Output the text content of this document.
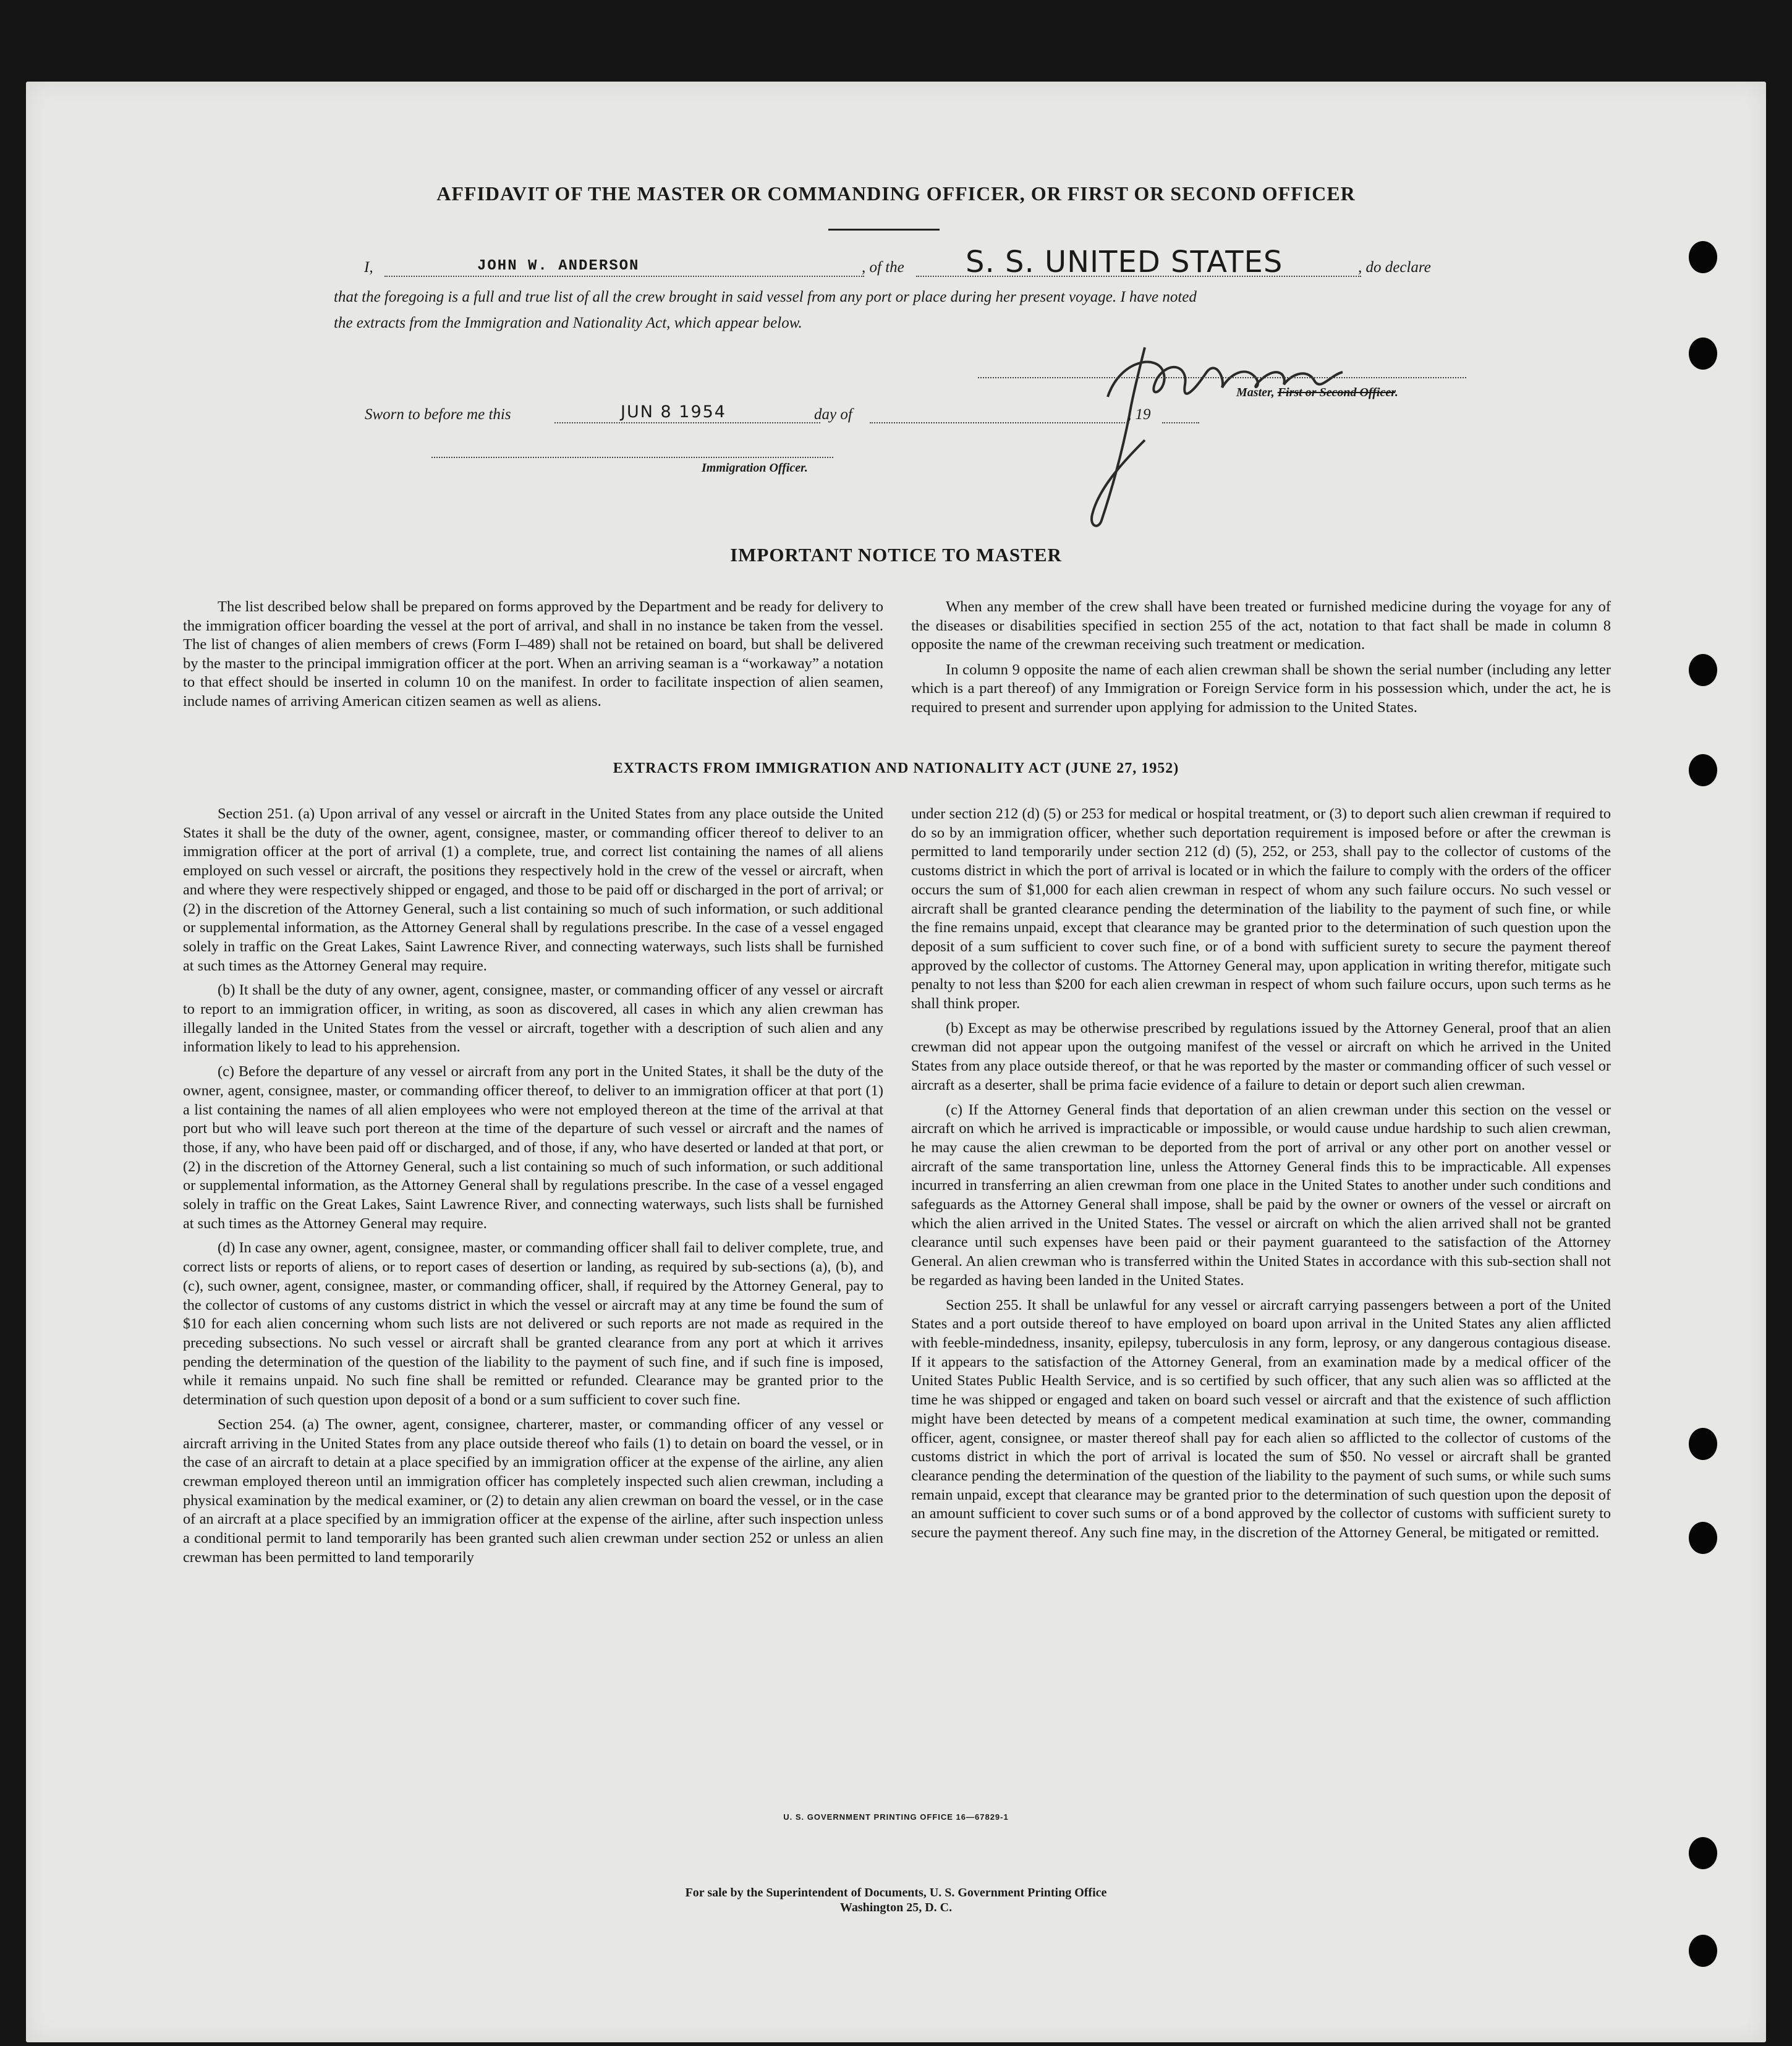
AFFIDAVIT OF THE MASTER OR COMMANDING OFFICER, OR FIRST OR SECOND OFFICER
I,	JOHN W. ANDERSON	, of the S. S. UNITED STATES	, do declare
that the foregoing is a full and true list of all the crew brought in said vessel from any port or place during her present voyage. I have noted
the extracts from the Immigration and Nationality Act, which appear below.
Master, First or Second Officer.
Sworn to before me this	JUN 8 1954	day of	, 19
Immigration Officer.
IMPORTANT NOTICE TO MASTER

The list described below shall be prepared on forms approved by the Department and be ready for delivery to the immigration officer boarding the vessel at the port of arrival, and shall in no instance be taken from the vessel. The list of changes of alien members of crews (Form I–489) shall not be retained on board, but shall be delivered by the master to the principal immigration officer at the port. When an arriving seaman is a “workaway” a notation to that effect should be inserted in column 10 on the manifest. In order to facilitate inspection of alien seamen, include names of arriving American citizen seamen as well as aliens.

When any member of the crew shall have been treated or furnished medicine during the voyage for any of the diseases or disabilities specified in section 255 of the act, notation to that fact shall be made in column 8 opposite the name of the crewman receiving such treatment or medication.

In column 9 opposite the name of each alien crewman shall be shown the serial number (including any letter which is a part thereof) of any Immigration or Foreign Service form in his possession which, under the act, he is required to present and surrender upon applying for admission to the United States.

EXTRACTS FROM IMMIGRATION AND NATIONALITY ACT (JUNE 27, 1952)

Section 251. (a) Upon arrival of any vessel or aircraft in the United States from any place outside the United States it shall be the duty of the owner, agent, consignee, master, or commanding officer thereof to deliver to an immigration officer at the port of arrival (1) a complete, true, and correct list containing the names of all aliens employed on such vessel or aircraft, the positions they respectively hold in the crew of the vessel or aircraft, when and where they were respectively shipped or engaged, and those to be paid off or discharged in the port of arrival; or (2) in the discretion of the Attorney General, such a list containing so much of such information, or such additional or supplemental information, as the Attorney General shall by regulations prescribe. In the case of a vessel engaged solely in traffic on the Great Lakes, Saint Lawrence River, and connecting waterways, such lists shall be furnished at such times as the Attorney General may require.

(b) It shall be the duty of any owner, agent, consignee, master, or commanding officer of any vessel or aircraft to report to an immigration officer, in writing, as soon as discovered, all cases in which any alien crewman has illegally landed in the United States from the vessel or aircraft, together with a description of such alien and any information likely to lead to his apprehension.

(c) Before the departure of any vessel or aircraft from any port in the United States, it shall be the duty of the owner, agent, consignee, master, or commanding officer thereof, to deliver to an immigration officer at that port (1) a list containing the names of all alien employees who were not employed thereon at the time of the arrival at that port but who will leave such port thereon at the time of the departure of such vessel or aircraft and the names of those, if any, who have been paid off or discharged, and of those, if any, who have deserted or landed at that port, or (2) in the discretion of the Attorney General, such a list containing so much of such information, or such additional or supplemental information, as the Attorney General shall by regulations prescribe. In the case of a vessel engaged solely in traffic on the Great Lakes, Saint Lawrence River, and connecting waterways, such lists shall be furnished at such times as the Attorney General may require.

(d) In case any owner, agent, consignee, master, or commanding officer shall fail to deliver complete, true, and correct lists or reports of aliens, or to report cases of desertion or landing, as required by sub-sections (a), (b), and (c), such owner, agent, consignee, master, or commanding officer, shall, if required by the Attorney General, pay to the collector of customs of any customs district in which the vessel or aircraft may at any time be found the sum of $10 for each alien concerning whom such lists are not delivered or such reports are not made as required in the preceding subsections. No such vessel or aircraft shall be granted clearance from any port at which it arrives pending the determination of the question of the liability to the payment of such fine, and if such fine is imposed, while it remains unpaid. No such fine shall be remitted or refunded. Clearance may be granted prior to the determination of such question upon deposit of a bond or a sum sufficient to cover such fine.

Section 254. (a) The owner, agent, consignee, charterer, master, or commanding officer of any vessel or aircraft arriving in the United States from any place outside thereof who fails (1) to detain on board the vessel, or in the case of an aircraft to detain at a place specified by an immigration officer at the expense of the airline, any alien crewman employed thereon until an immigration officer has completely inspected such alien crewman, including a physical examination by the medical examiner, or (2) to detain any alien crewman on board the vessel, or in the case of an aircraft at a place specified by an immigration officer at the expense of the airline, after such inspection unless a conditional permit to land temporarily has been granted such alien crewman under section 252 or unless an alien crewman has been permitted to land temporarily

under section 212 (d) (5) or 253 for medical or hospital treatment, or (3) to deport such alien crewman if required to do so by an immigration officer, whether such deportation requirement is imposed before or after the crewman is permitted to land temporarily under section 212 (d) (5), 252, or 253, shall pay to the collector of customs of the customs district in which the port of arrival is located or in which the failure to comply with the orders of the officer occurs the sum of $1,000 for each alien crewman in respect of whom any such failure occurs. No such vessel or aircraft shall be granted clearance pending the determination of the liability to the payment of such fine, or while the fine remains unpaid, except that clearance may be granted prior to the determination of such question upon the deposit of a sum sufficient to cover such fine, or of a bond with sufficient surety to secure the payment thereof approved by the collector of customs. The Attorney General may, upon application in writing therefor, mitigate such penalty to not less than $200 for each alien crewman in respect of whom such failure occurs, upon such terms as he shall think proper.

(b) Except as may be otherwise prescribed by regulations issued by the Attorney General, proof that an alien crewman did not appear upon the outgoing manifest of the vessel or aircraft on which he arrived in the United States from any place outside thereof, or that he was reported by the master or commanding officer of such vessel or aircraft as a deserter, shall be prima facie evidence of a failure to detain or deport such alien crewman.

(c) If the Attorney General finds that deportation of an alien crewman under this section on the vessel or aircraft on which he arrived is impracticable or impossible, or would cause undue hardship to such alien crewman, he may cause the alien crewman to be deported from the port of arrival or any other port on another vessel or aircraft of the same transportation line, unless the Attorney General finds this to be impracticable. All expenses incurred in transferring an alien crewman from one place in the United States to another under such conditions and safeguards as the Attorney General shall impose, shall be paid by the owner or owners of the vessel or aircraft on which the alien arrived in the United States. The vessel or aircraft on which the alien arrived shall not be granted clearance until such expenses have been paid or their payment guaranteed to the satisfaction of the Attorney General. An alien crewman who is transferred within the United States in accordance with this sub-section shall not be regarded as having been landed in the United States.

Section 255. It shall be unlawful for any vessel or aircraft carrying passengers between a port of the United States and a port outside thereof to have employed on board upon arrival in the United States any alien afflicted with feeble-mindedness, insanity, epilepsy, tuberculosis in any form, leprosy, or any dangerous contagious disease. If it appears to the satisfaction of the Attorney General, from an examination made by a medical officer of the United States Public Health Service, and is so certified by such officer, that any such alien was so afflicted at the time he was shipped or engaged and taken on board such vessel or aircraft and that the existence of such affliction might have been detected by means of a competent medical examination at such time, the owner, commanding officer, agent, consignee, or master thereof shall pay for each alien so afflicted to the collector of customs of the customs district in which the port of arrival is located the sum of $50. No vessel or aircraft shall be granted clearance pending the determination of the question of the liability to the payment of such sums, or while such sums remain unpaid, except that clearance may be granted prior to the determination of such question upon the deposit of an amount sufficient to cover such sums or of a bond approved by the collector of customs with sufficient surety to secure the payment thereof. Any such fine may, in the discretion of the Attorney General, be mitigated or remitted.

U. S. GOVERNMENT PRINTING OFFICE 16—67829-1
For sale by the Superintendent of Documents, U. S. Government Printing Office
Washington 25, D. C.
